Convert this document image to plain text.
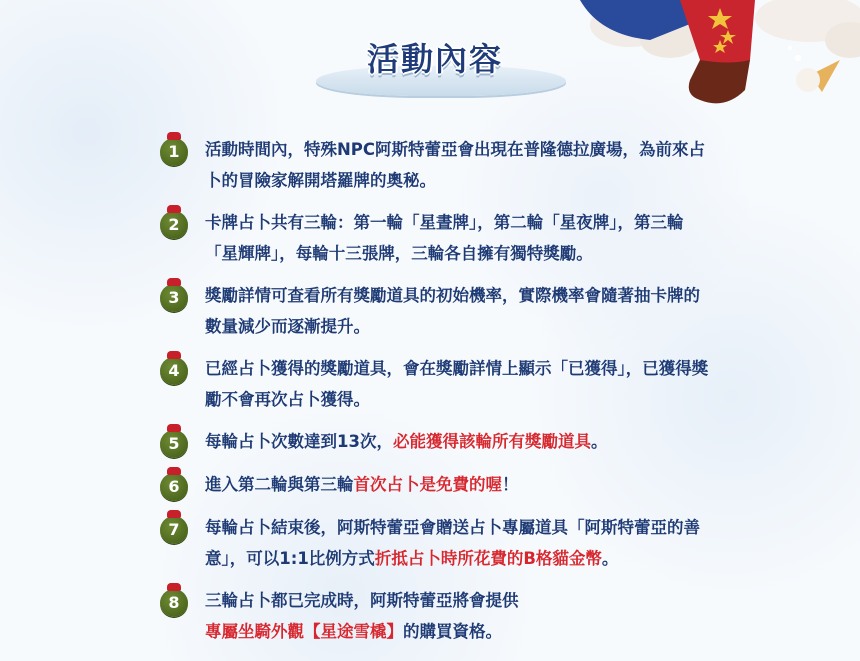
活動內容
1	活動時間內，特殊NPC阿斯特蕾亞會出現在普隆德拉廣場，為前來占卜的冒險家解開塔羅牌的奧秘。
2	卡牌占卜共有三輪：第一輪「星晝牌」，第二輪「星夜牌」，第三輪「星輝牌」，每輪十三張牌，三輪各自擁有獨特獎勵。
3	獎勵詳情可查看所有獎勵道具的初始機率，實際機率會隨著抽卡牌的數量減少而逐漸提升。
4	已經占卜獲得的獎勵道具，會在獎勵詳情上顯示「已獲得」，已獲得獎勵不會再次占卜獲得。
5	每輪占卜次數達到13次，必能獲得該輪所有獎勵道具。
6	進入第二輪與第三輪首次占卜是免費的喔！
7	每輪占卜結束後，阿斯特蕾亞會贈送占卜專屬道具「阿斯特蕾亞的善意」，可以1:1比例方式折抵占卜時所花費的B格貓金幣。
8	三輪占卜都已完成時，阿斯特蕾亞將會提供專屬坐騎外觀【星途雪橇】的購買資格。
